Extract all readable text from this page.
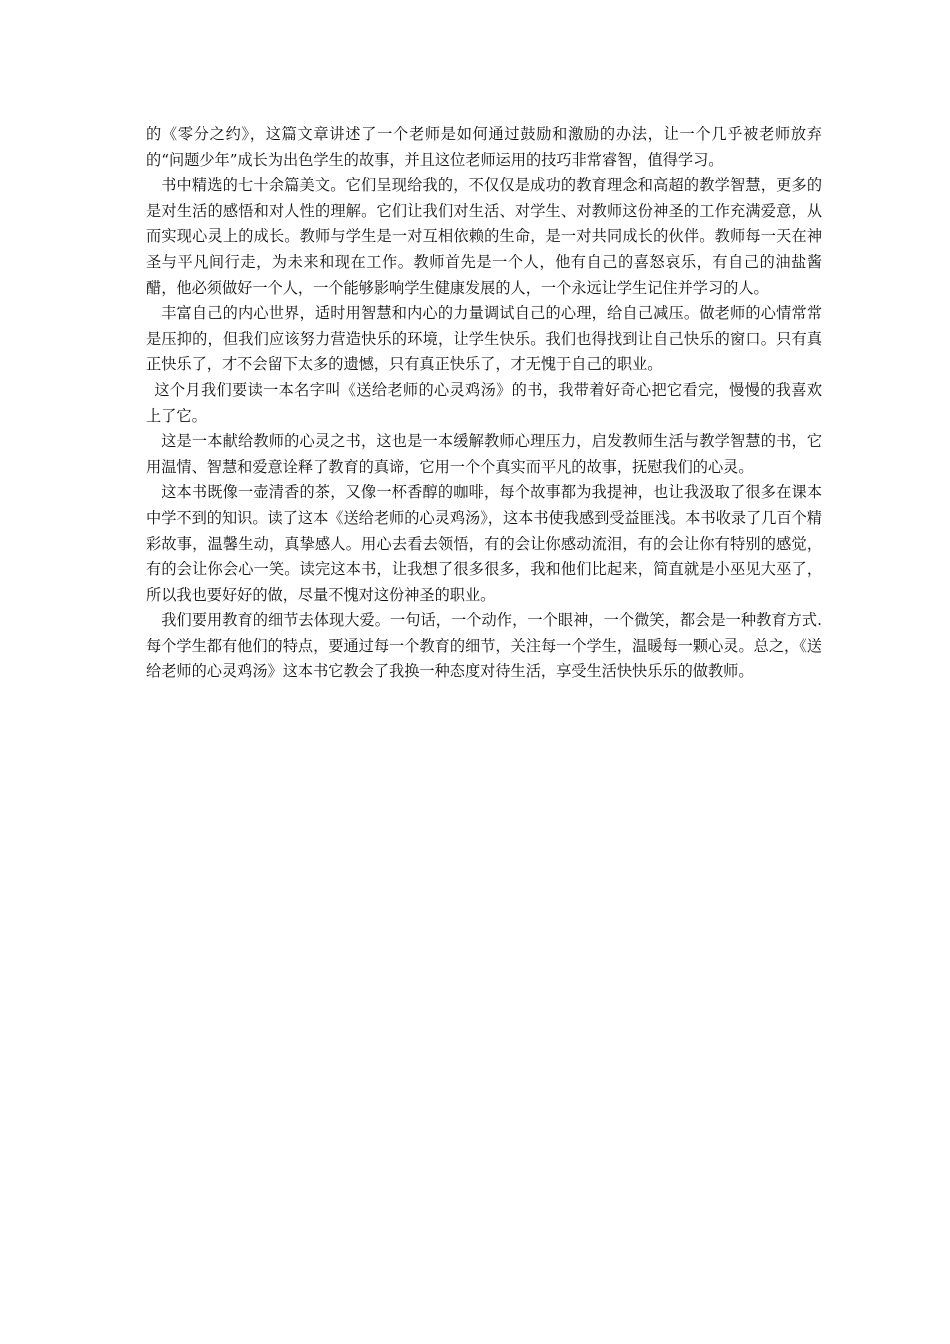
的《零分之约》，这篇文章讲述了一个老师是如何通过鼓励和激励的办法，让一个几乎被老师放弃的“问题少年”成长为出色学生的故事，并且这位老师运用的技巧非常睿智，值得学习。

书中精选的七十余篇美文。它们呈现给我的，不仅仅是成功的教育理念和高超的教学智慧，更多的是对生活的感悟和对人性的理解。它们让我们对生活、对学生、对教师这份神圣的工作充满爱意，从而实现心灵上的成长。教师与学生是一对互相依赖的生命，是一对共同成长的伙伴。教师每一天在神圣与平凡间行走，为未来和现在工作。教师首先是一个人，他有自己的喜怒哀乐，有自己的油盐酱醋，他必须做好一个人，一个能够影响学生健康发展的人，一个永远让学生记住并学习的人。

丰富自己的内心世界，适时用智慧和内心的力量调试自己的心理，给自己减压。做老师的心情常常是压抑的，但我们应该努力营造快乐的环境，让学生快乐。我们也得找到让自己快乐的窗口。只有真正快乐了，才不会留下太多的遗憾，只有真正快乐了，才无愧于自己的职业。

这个月我们要读一本名字叫《送给老师的心灵鸡汤》的书，我带着好奇心把它看完，慢慢的我喜欢上了它。

这是一本献给教师的心灵之书，这也是一本缓解教师心理压力，启发教师生活与教学智慧的书，它用温情、智慧和爱意诠释了教育的真谛，它用一个个真实而平凡的故事，抚慰我们的心灵。

这本书既像一壶清香的茶，又像一杯香醇的咖啡，每个故事都为我提神，也让我汲取了很多在课本中学不到的知识。读了这本《送给老师的心灵鸡汤》，这本书使我感到受益匪浅。本书收录了几百个精彩故事，温馨生动，真挚感人。用心去看去领悟，有的会让你感动流泪，有的会让你有特别的感觉，有的会让你会心一笑。读完这本书，让我想了很多很多，我和他们比起来，简直就是小巫见大巫了，所以我也要好好的做，尽量不愧对这份神圣的职业。

我们要用教育的细节去体现大爱。一句话，一个动作，一个眼神，一个微笑，都会是一种教育方式.每个学生都有他们的特点，要通过每一个教育的细节，关注每一个学生，温暖每一颗心灵。总之，《送给老师的心灵鸡汤》这本书它教会了我换一种态度对待生活，享受生活快快乐乐的做教师。
